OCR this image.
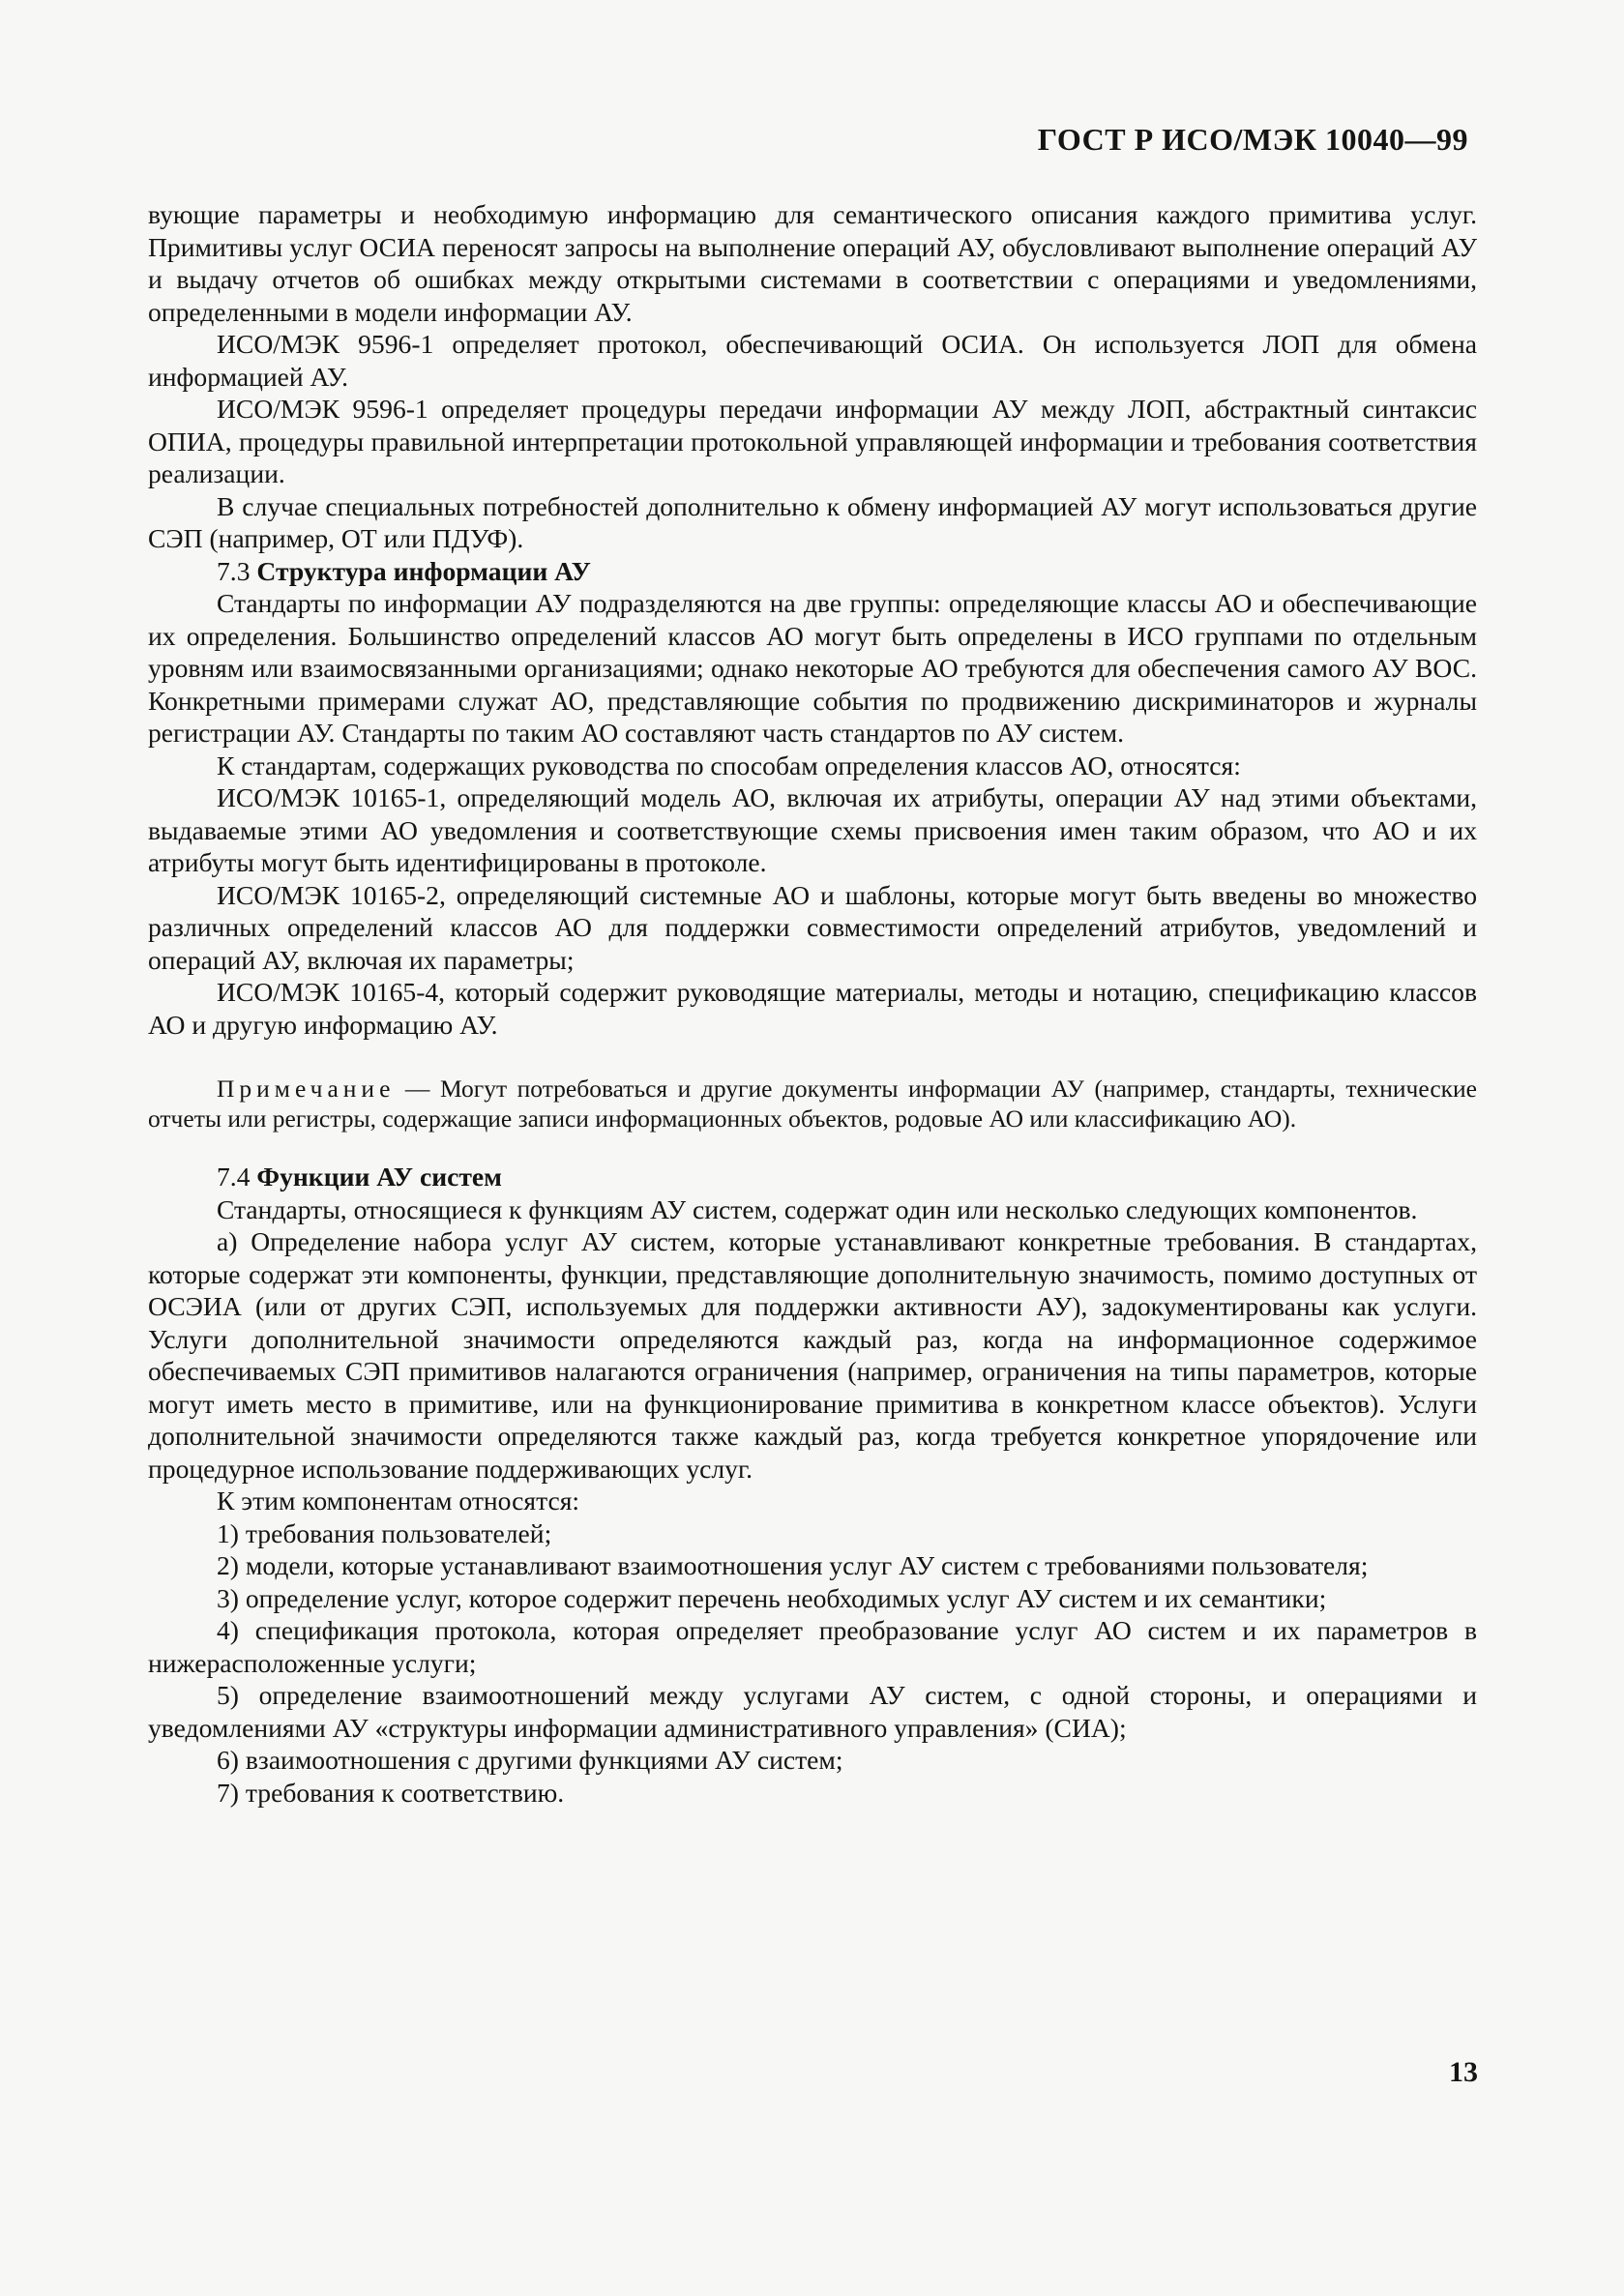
ГОСТ Р ИСО/МЭК 10040—99

вующие параметры и необходимую информацию для семантического описания каждого примитива услуг. Примитивы услуг ОСИА переносят запросы на выполнение операций АУ, обусловливают выполнение операций АУ и выдачу отчетов об ошибках между открытыми системами в соответствии с операциями и уведомлениями, определенными в модели информации АУ.

ИСО/МЭК 9596-1 определяет протокол, обеспечивающий ОСИА. Он используется ЛОП для обмена информацией АУ.

ИСО/МЭК 9596-1 определяет процедуры передачи информации АУ между ЛОП, абстрактный синтаксис ОПИА, процедуры правильной интерпретации протокольной управляющей информации и требования соответствия реализации.

В случае специальных потребностей дополнительно к обмену информацией АУ могут использоваться другие СЭП (например, ОТ или ПДУФ).

7.3 Структура информации АУ

Стандарты по информации АУ подразделяются на две группы: определяющие классы АО и обеспечивающие их определения. Большинство определений классов АО могут быть определены в ИСО группами по отдельным уровням или взаимосвязанными организациями; однако некоторые АО требуются для обеспечения самого АУ ВОС. Конкретными примерами служат АО, представляющие события по продвижению дискриминаторов и журналы регистрации АУ. Стандарты по таким АО составляют часть стандартов по АУ систем.

К стандартам, содержащих руководства по способам определения классов АО, относятся:

ИСО/МЭК 10165-1, определяющий модель АО, включая их атрибуты, операции АУ над этими объектами, выдаваемые этими АО уведомления и соответствующие схемы присвоения имен таким образом, что АО и их атрибуты могут быть идентифицированы в протоколе.

ИСО/МЭК 10165-2, определяющий системные АО и шаблоны, которые могут быть введены во множество различных определений классов АО для поддержки совместимости определений атрибутов, уведомлений и операций АУ, включая их параметры;

ИСО/МЭК 10165-4, который содержит руководящие материалы, методы и нотацию, спецификацию классов АО и другую информацию АУ.

Примечание — Могут потребоваться и другие документы информации АУ (например, стандарты, технические отчеты или регистры, содержащие записи информационных объектов, родовые АО или классификацию АО).

7.4 Функции АУ систем

Стандарты, относящиеся к функциям АУ систем, содержат один или несколько следующих компонентов.

а) Определение набора услуг АУ систем, которые устанавливают конкретные требования. В стандартах, которые содержат эти компоненты, функции, представляющие дополнительную значимость, помимо доступных от ОСЭИА (или от других СЭП, используемых для поддержки активности АУ), задокументированы как услуги. Услуги дополнительной значимости определяются каждый раз, когда на информационное содержимое обеспечиваемых СЭП примитивов налагаются ограничения (например, ограничения на типы параметров, которые могут иметь место в примитиве, или на функционирование примитива в конкретном классе объектов). Услуги дополнительной значимости определяются также каждый раз, когда требуется конкретное упорядочение или процедурное использование поддерживающих услуг.

К этим компонентам относятся:

1) требования пользователей;

2) модели, которые устанавливают взаимоотношения услуг АУ систем с требованиями пользователя;

3) определение услуг, которое содержит перечень необходимых услуг АУ систем и их семантики;

4) спецификация протокола, которая определяет преобразование услуг АО систем и их параметров в нижерасположенные услуги;

5) определение взаимоотношений между услугами АУ систем, с одной стороны, и операциями и уведомлениями АУ «структуры информации административного управления» (СИА);

6) взаимоотношения с другими функциями АУ систем;

7) требования к соответствию.

13
